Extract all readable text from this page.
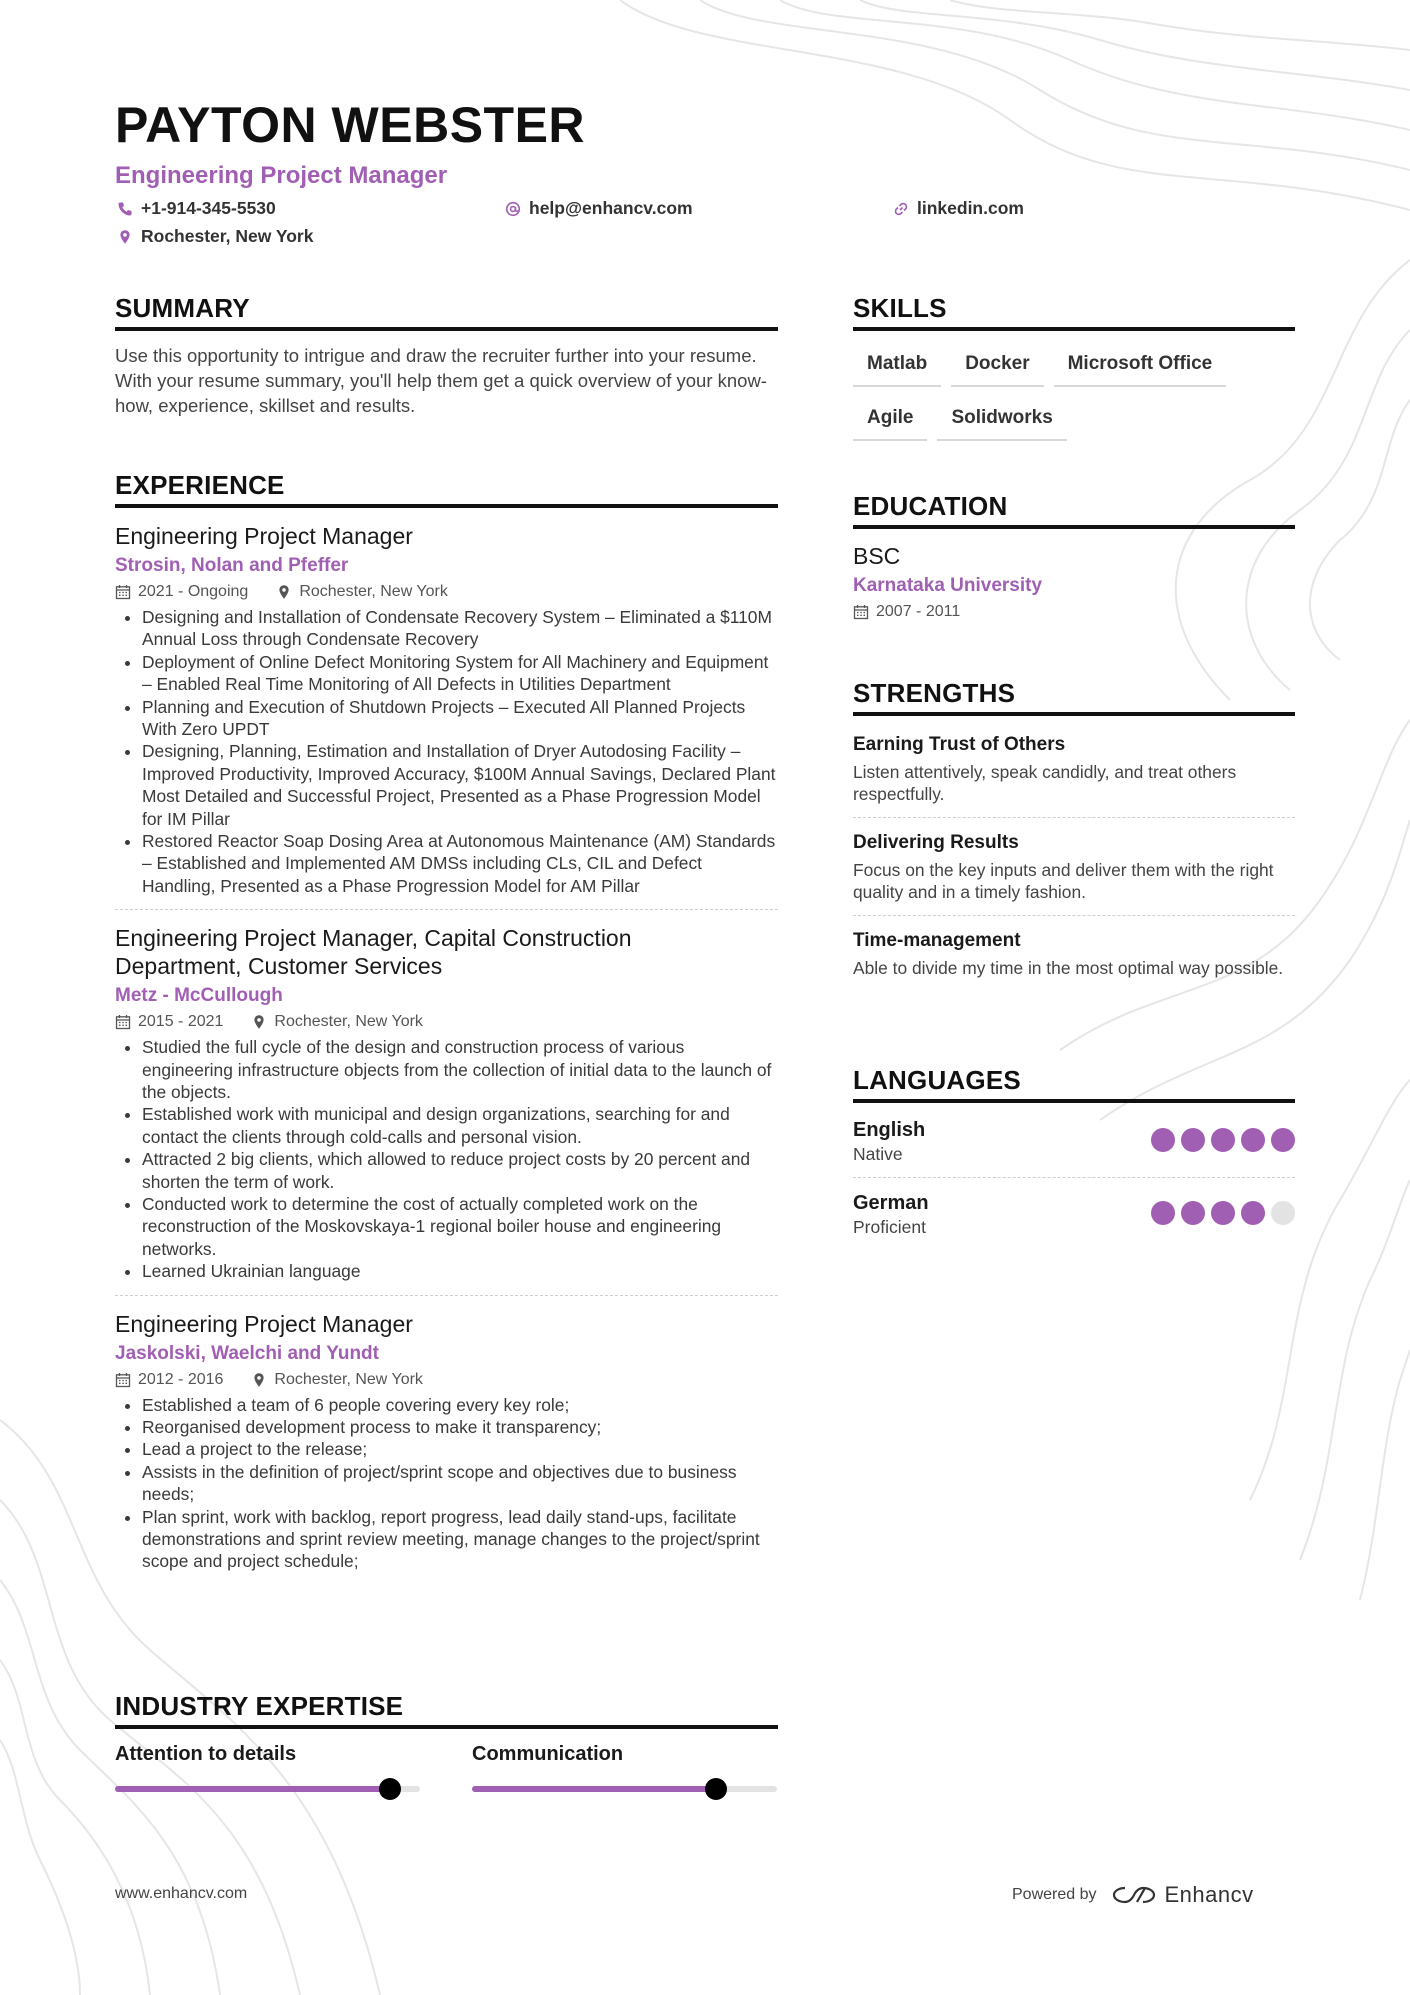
PAYTON WEBSTER
Engineering Project Manager
+1-914-345-5530	help@enhancv.com	linkedin.com
Rochester, New York
SUMMARY
Use this opportunity to intrigue and draw the recruiter further into your resume. With your resume summary, you'll help them get a quick overview of your know-how, experience, skillset and results.
EXPERIENCE
Engineering Project Manager
Strosin, Nolan and Pfeffer
2021 - Ongoing	Rochester, New York
• Designing and Installation of Condensate Recovery System – Eliminated a $110M Annual Loss through Condensate Recovery
• Deployment of Online Defect Monitoring System for All Machinery and Equipment – Enabled Real Time Monitoring of All Defects in Utilities Department
• Planning and Execution of Shutdown Projects – Executed All Planned Projects With Zero UPDT
• Designing, Planning, Estimation and Installation of Dryer Autodosing Facility – Improved Productivity, Improved Accuracy, $100M Annual Savings, Declared Plant Most Detailed and Successful Project, Presented as a Phase Progression Model for IM Pillar
• Restored Reactor Soap Dosing Area at Autonomous Maintenance (AM) Standards – Established and Implemented AM DMSs including CLs, CIL and Defect Handling, Presented as a Phase Progression Model for AM Pillar
Engineering Project Manager, Capital Construction Department, Customer Services
Metz - McCullough
2015 - 2021	Rochester, New York
• Studied the full cycle of the design and construction process of various engineering infrastructure objects from the collection of initial data to the launch of the objects.
• Established work with municipal and design organizations, searching for and contact the clients through cold-calls and personal vision.
• Attracted 2 big clients, which allowed to reduce project costs by 20 percent and shorten the term of work.
• Conducted work to determine the cost of actually completed work on the reconstruction of the Moskovskaya-1 regional boiler house and engineering networks.
• Learned Ukrainian language
Engineering Project Manager
Jaskolski, Waelchi and Yundt
2012 - 2016	Rochester, New York
• Established a team of 6 people covering every key role;
• Reorganised development process to make it transparency;
• Lead a project to the release;
• Assists in the definition of project/sprint scope and objectives due to business needs;
• Plan sprint, work with backlog, report progress, lead daily stand-ups, facilitate demonstrations and sprint review meeting, manage changes to the project/sprint scope and project schedule;
INDUSTRY EXPERTISE
Attention to details	Communication
SKILLS
Matlab	Docker	Microsoft Office
Agile	Solidworks
EDUCATION
BSC
Karnataka University
2007 - 2011
STRENGTHS
Earning Trust of Others
Listen attentively, speak candidly, and treat others respectfully.
Delivering Results
Focus on the key inputs and deliver them with the right quality and in a timely fashion.
Time-management
Able to divide my time in the most optimal way possible.
LANGUAGES
English
Native
German
Proficient
www.enhancv.com	Powered by	Enhancv
